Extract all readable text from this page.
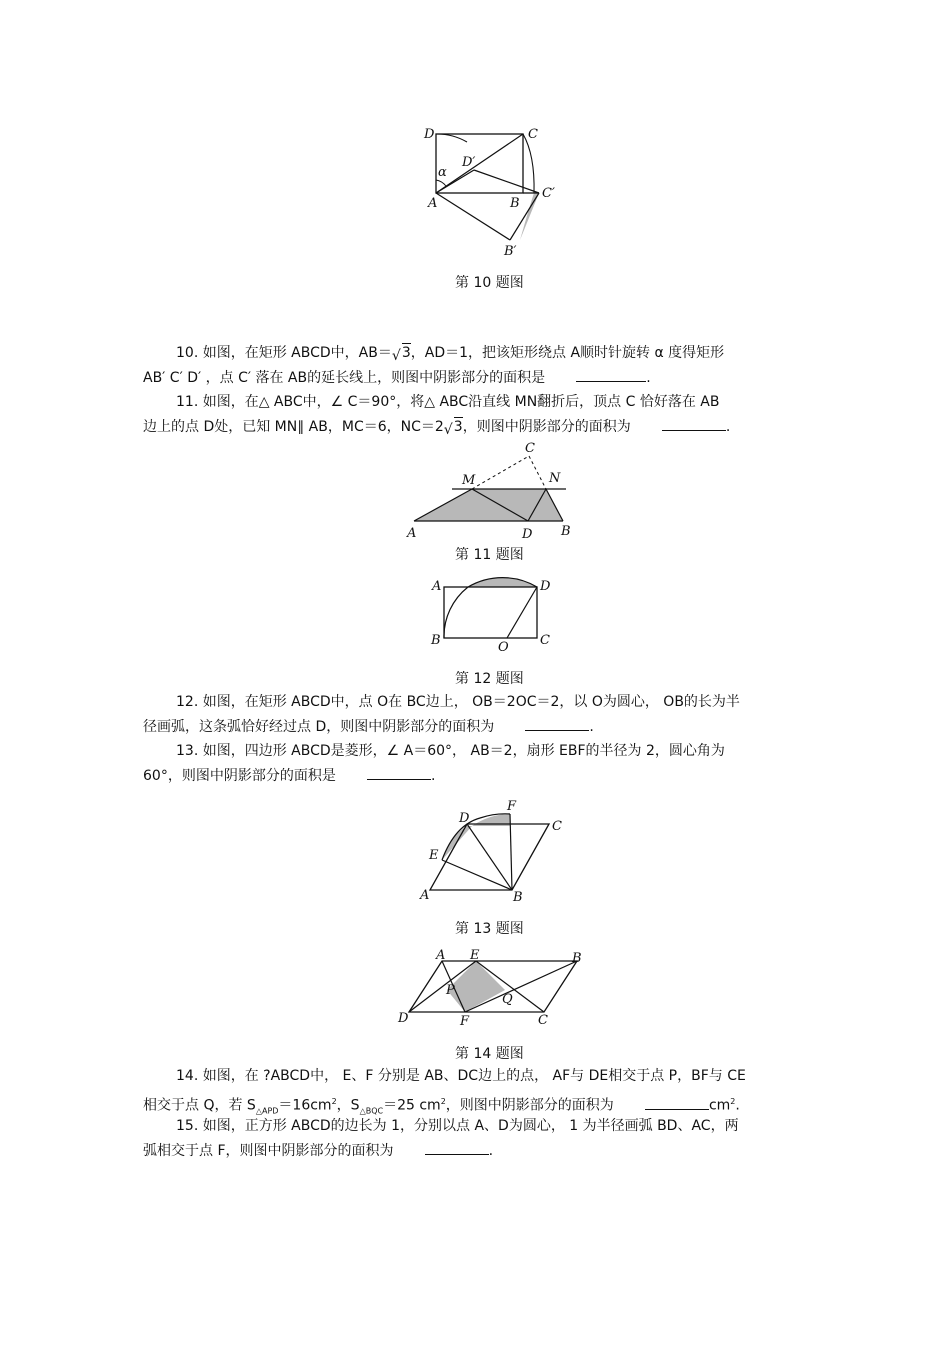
D	C
D′
α
A	B
C′
B′
第 10 题图

10. 如图，在矩形 ABCD中，AB＝ √ 3，AD＝1，把该矩形绕点 A顺时针旋转 α 度得矩形

AB′ C′ D′ ，点 C′ 落在 AB的延长线上，则图中阴影部分的面积是	.

11. 如图，在△ ABC中，∠ C＝90°，将△ ABC沿直线 MN翻折后，顶点 C 恰好落在 AB

边上的点 D处，已知 MN∥ AB，MC＝6，NC＝2 √ 3，则图中阴影部分的面积为	.

C
M	N
A	D B
第 11 题图
A	D
B	O C
第 12 题图

12. 如图，在矩形 ABCD中，点 O在 BC边上， OB＝2OC＝2，以 O为圆心， OB的长为半

径画弧，这条弧恰好经过点 D，则图中阴影部分的面积为	.

13. 如图，四边形 ABCD是菱形，∠ A＝60°， AB＝2，扇形 EBF的半径为 2，圆心角为

60°，则图中阴影部分的面积是	.

F
D
C
E
A	B
第 13 题图
A E	B
P
Q
D	F	C
第 14 题图

14. 如图，在 ?ABCD中， E、F 分别是 AB、DC边上的点， AF与 DE相交于点 P，BF与 CE

相交于点 Q，若 $S_{\triangle APD}=16cm^2$，$S_{\triangle BQC}=25$ $cm^2$，则图中阴影部分的面积为	$cm^2$.

15. 如图，正方形 ABCD的边长为 1，分别以点 A、D为圆心， 1 为半径画弧 BD、AC，两

弧相交于点 F，则图中阴影部分的面积为	.
